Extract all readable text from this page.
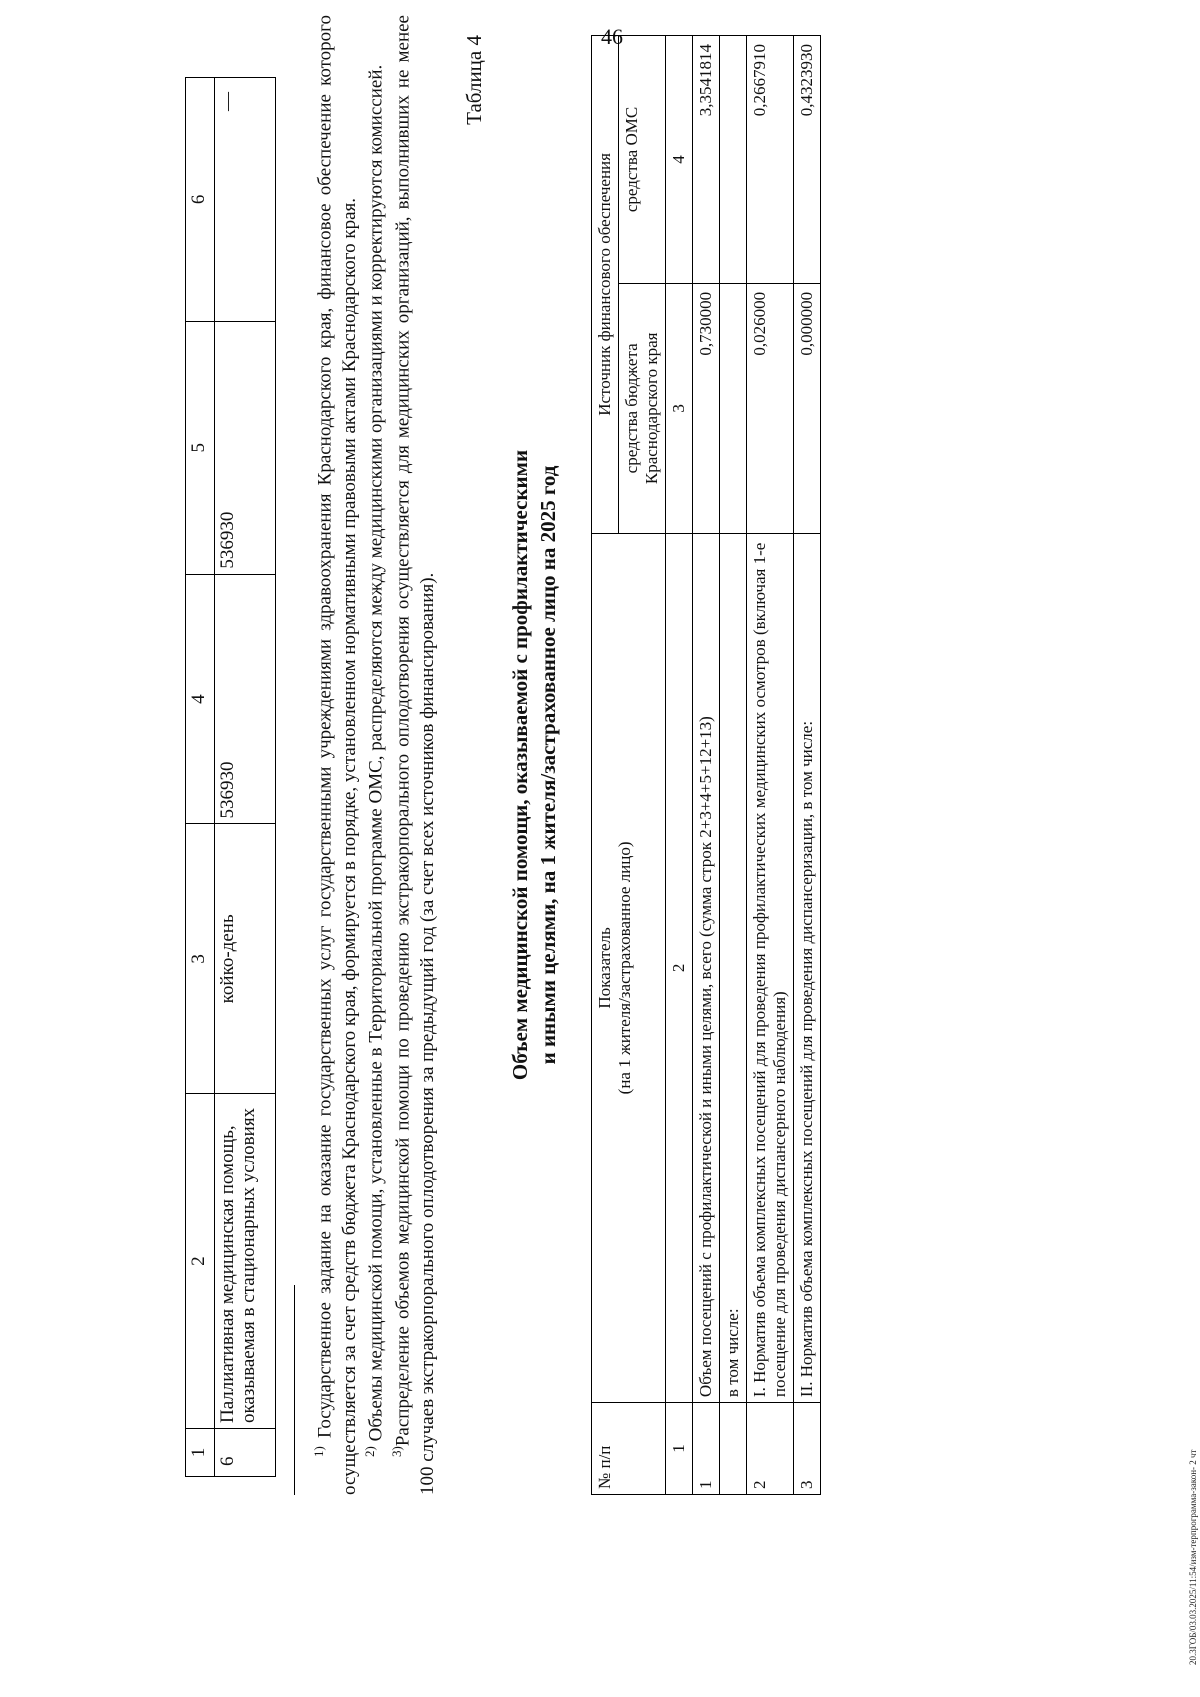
46
1	2	3	4	5	6
6	Паллиативная медицинская помощь, оказываемая в стационарных условиях	койко-день	536930	536930	—

$^{1)}$ Государственное задание на оказание государственных услуг государственными учреждениями здравоохранения Краснодарского края, финансовое обеспечение которого осуществляется за счет средств бюджета Краснодарского края, формируется в порядке, установленном нормативными правовыми актами Краснодарского края. $^{2)}$ Объемы медицинской помощи, установленные в Территориальной программе ОМС, распределяются между медицинскими организациями и корректируются комиссией.

$^{3)}$Распределение объемов медицинской помощи по проведению экстракорпорального оплодотворения осуществляется для медицинских организаций, выполнивших не менее 100 случаев экстракорпорального оплодотворения за предыдущий год (за счет всех источников финансирования).

Таблица 4
Объем медицинской помощи, оказываемой с профилактическими и иными целями, на 1 жителя/застрахованное лицо на 2025 год
№ п/п	Показатель (на 1 жителя/застрахованное лицо)	Источник финансового обеспечения	
		средства бюджета Краснодарского края	средства ОМС
1	2	3	4
1	Объем посещений с профилактической и иными целями, всего (сумма строк 2+3+4+5+12+13)	0,730000	3,3541814
	в том числе:		
2	I. Норматив объема комплексных посещений для проведения профилактических медицинских осмотров (включая 1-е посещение для проведения диспансерного наблюдения)	0,026000	0,2667910
3	II. Норматив объема комплексных посещений для проведения диспансеризации, в том числе:	0,000000	0,4323930
20.3ГОБ/03.03.2025/11:54/изм-терпрограмма-закон- 2 чт
